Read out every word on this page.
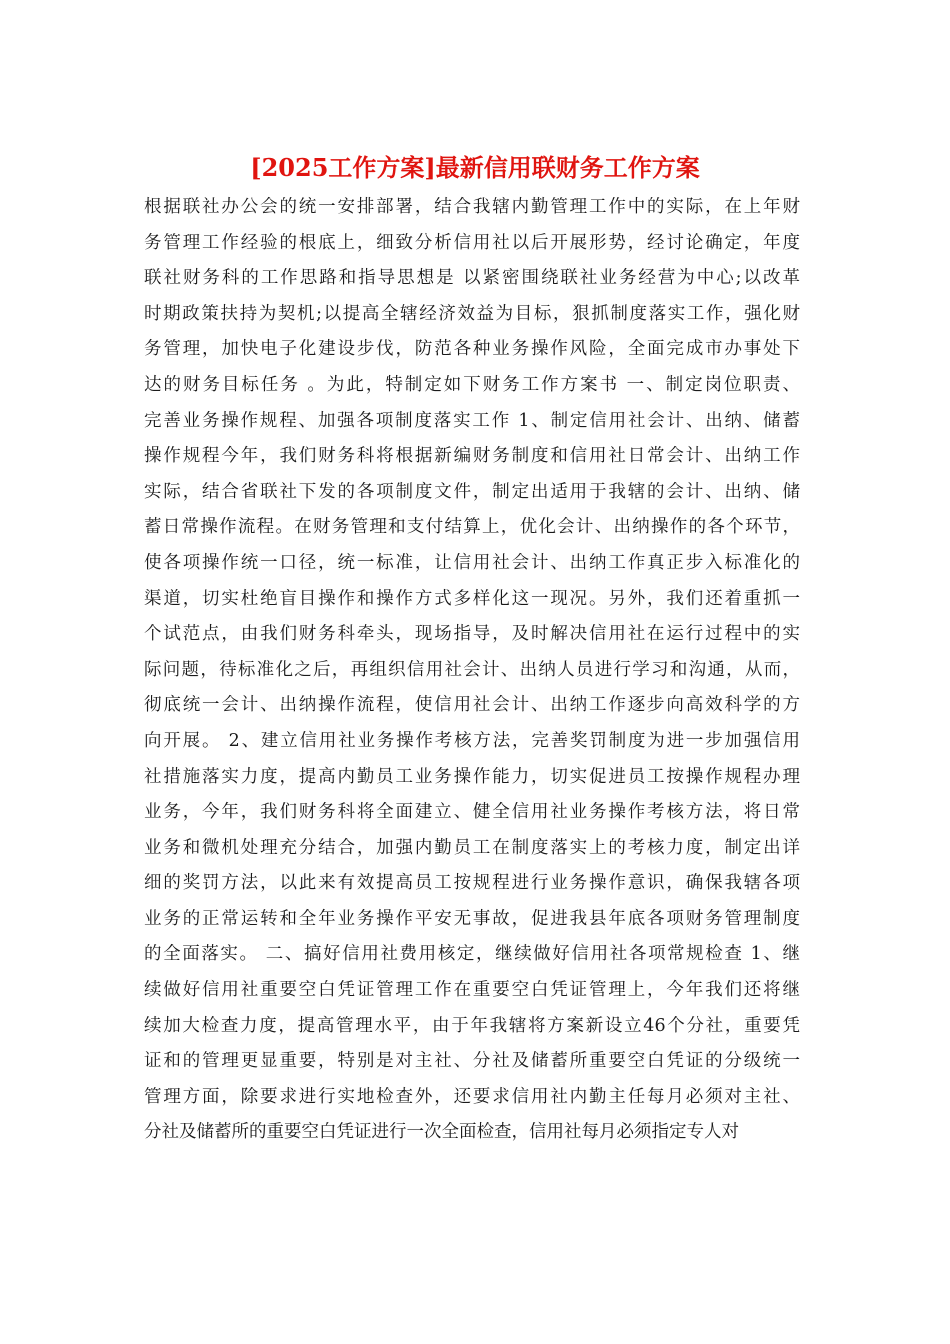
[2025工作方案]最新信用联财务工作方案
根据联社办公会的统一安排部署，结合我辖内勤管理工作中的实际，在上年财
务管理工作经验的根底上，细致分析信用社以后开展形势，经讨论确定，年度
联社财务科的工作思路和指导思想是 以紧密围绕联社业务经营为中心;以改革
时期政策扶持为契机;以提高全辖经济效益为目标，狠抓制度落实工作，强化财
务管理，加快电子化建设步伐，防范各种业务操作风险，全面完成市办事处下
达的财务目标任务 。为此，特制定如下财务工作方案书 一、制定岗位职责、
完善业务操作规程、加强各项制度落实工作 1、制定信用社会计、出纳、储蓄
操作规程今年，我们财务科将根据新编财务制度和信用社日常会计、出纳工作
实际，结合省联社下发的各项制度文件，制定出适用于我辖的会计、出纳、储
蓄日常操作流程。在财务管理和支付结算上，优化会计、出纳操作的各个环节，
使各项操作统一口径，统一标准，让信用社会计、出纳工作真正步入标准化的
渠道，切实杜绝盲目操作和操作方式多样化这一现况。另外，我们还着重抓一
个试范点，由我们财务科牵头，现场指导，及时解决信用社在运行过程中的实
际问题，待标准化之后，再组织信用社会计、出纳人员进行学习和沟通，从而，
彻底统一会计、出纳操作流程，使信用社会计、出纳工作逐步向高效科学的方
向开展。 2、建立信用社业务操作考核方法，完善奖罚制度为进一步加强信用
社措施落实力度，提高内勤员工业务操作能力，切实促进员工按操作规程办理
业务，今年，我们财务科将全面建立、健全信用社业务操作考核方法，将日常
业务和微机处理充分结合，加强内勤员工在制度落实上的考核力度，制定出详
细的奖罚方法，以此来有效提高员工按规程进行业务操作意识，确保我辖各项
业务的正常运转和全年业务操作平安无事故，促进我县年底各项财务管理制度
的全面落实。 二、搞好信用社费用核定，继续做好信用社各项常规检查 1、继
续做好信用社重要空白凭证管理工作在重要空白凭证管理上，今年我们还将继
续加大检查力度，提高管理水平，由于年我辖将方案新设立46个分社，重要凭
证和的管理更显重要，特别是对主社、分社及储蓄所重要空白凭证的分级统一
管理方面，除要求进行实地检查外，还要求信用社内勤主任每月必须对主社、
分社及储蓄所的重要空白凭证进行一次全面检查，信用社每月必须指定专人对
